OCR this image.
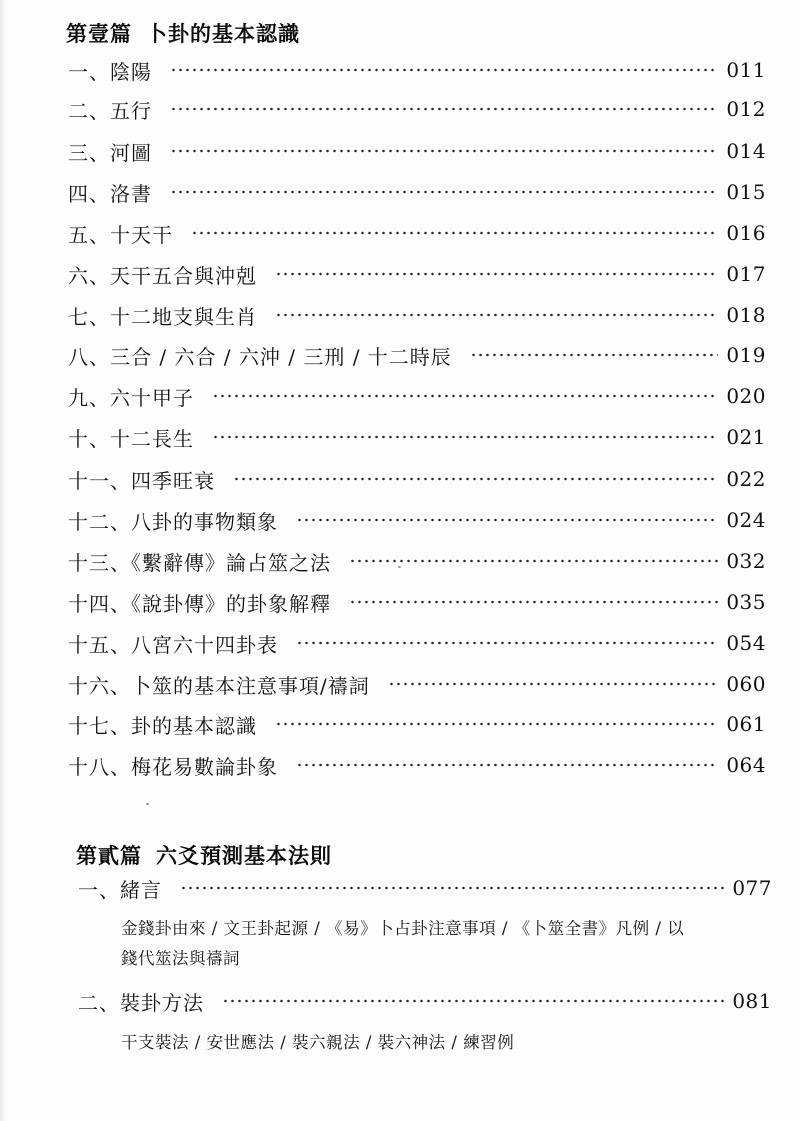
第壹篇 卜卦的基本認識
一、陰陽	011
二、五行	012
三、河圖	014
四、洛書	015
五、十天干	016
六、天干五合與沖剋	017
七、十二地支與生肖	018
八、三合 / 六合 / 六沖 / 三刑 / 十二時辰	019
九、六十甲子	020
十、十二長生	021
十一、四季旺衰	022
十二、八卦的事物類象	024
十三、《繫辭傳》論占筮之法	032
十四、《說卦傳》的卦象解釋	035
十五、八宮六十四卦表	054
十六、卜筮的基本注意事項/禱詞	060
十七、卦的基本認識	061
十八、梅花易數論卦象	064
第貳篇 六爻預測基本法則
一、緒言	077
金錢卦由來 / 文王卦起源 / 《易》卜占卦注意事項 / 《卜筮全書》凡例 / 以
錢代筮法與禱詞
二、裝卦方法	081
干支裝法 / 安世應法 / 裝六親法 / 裝六神法 / 練習例
